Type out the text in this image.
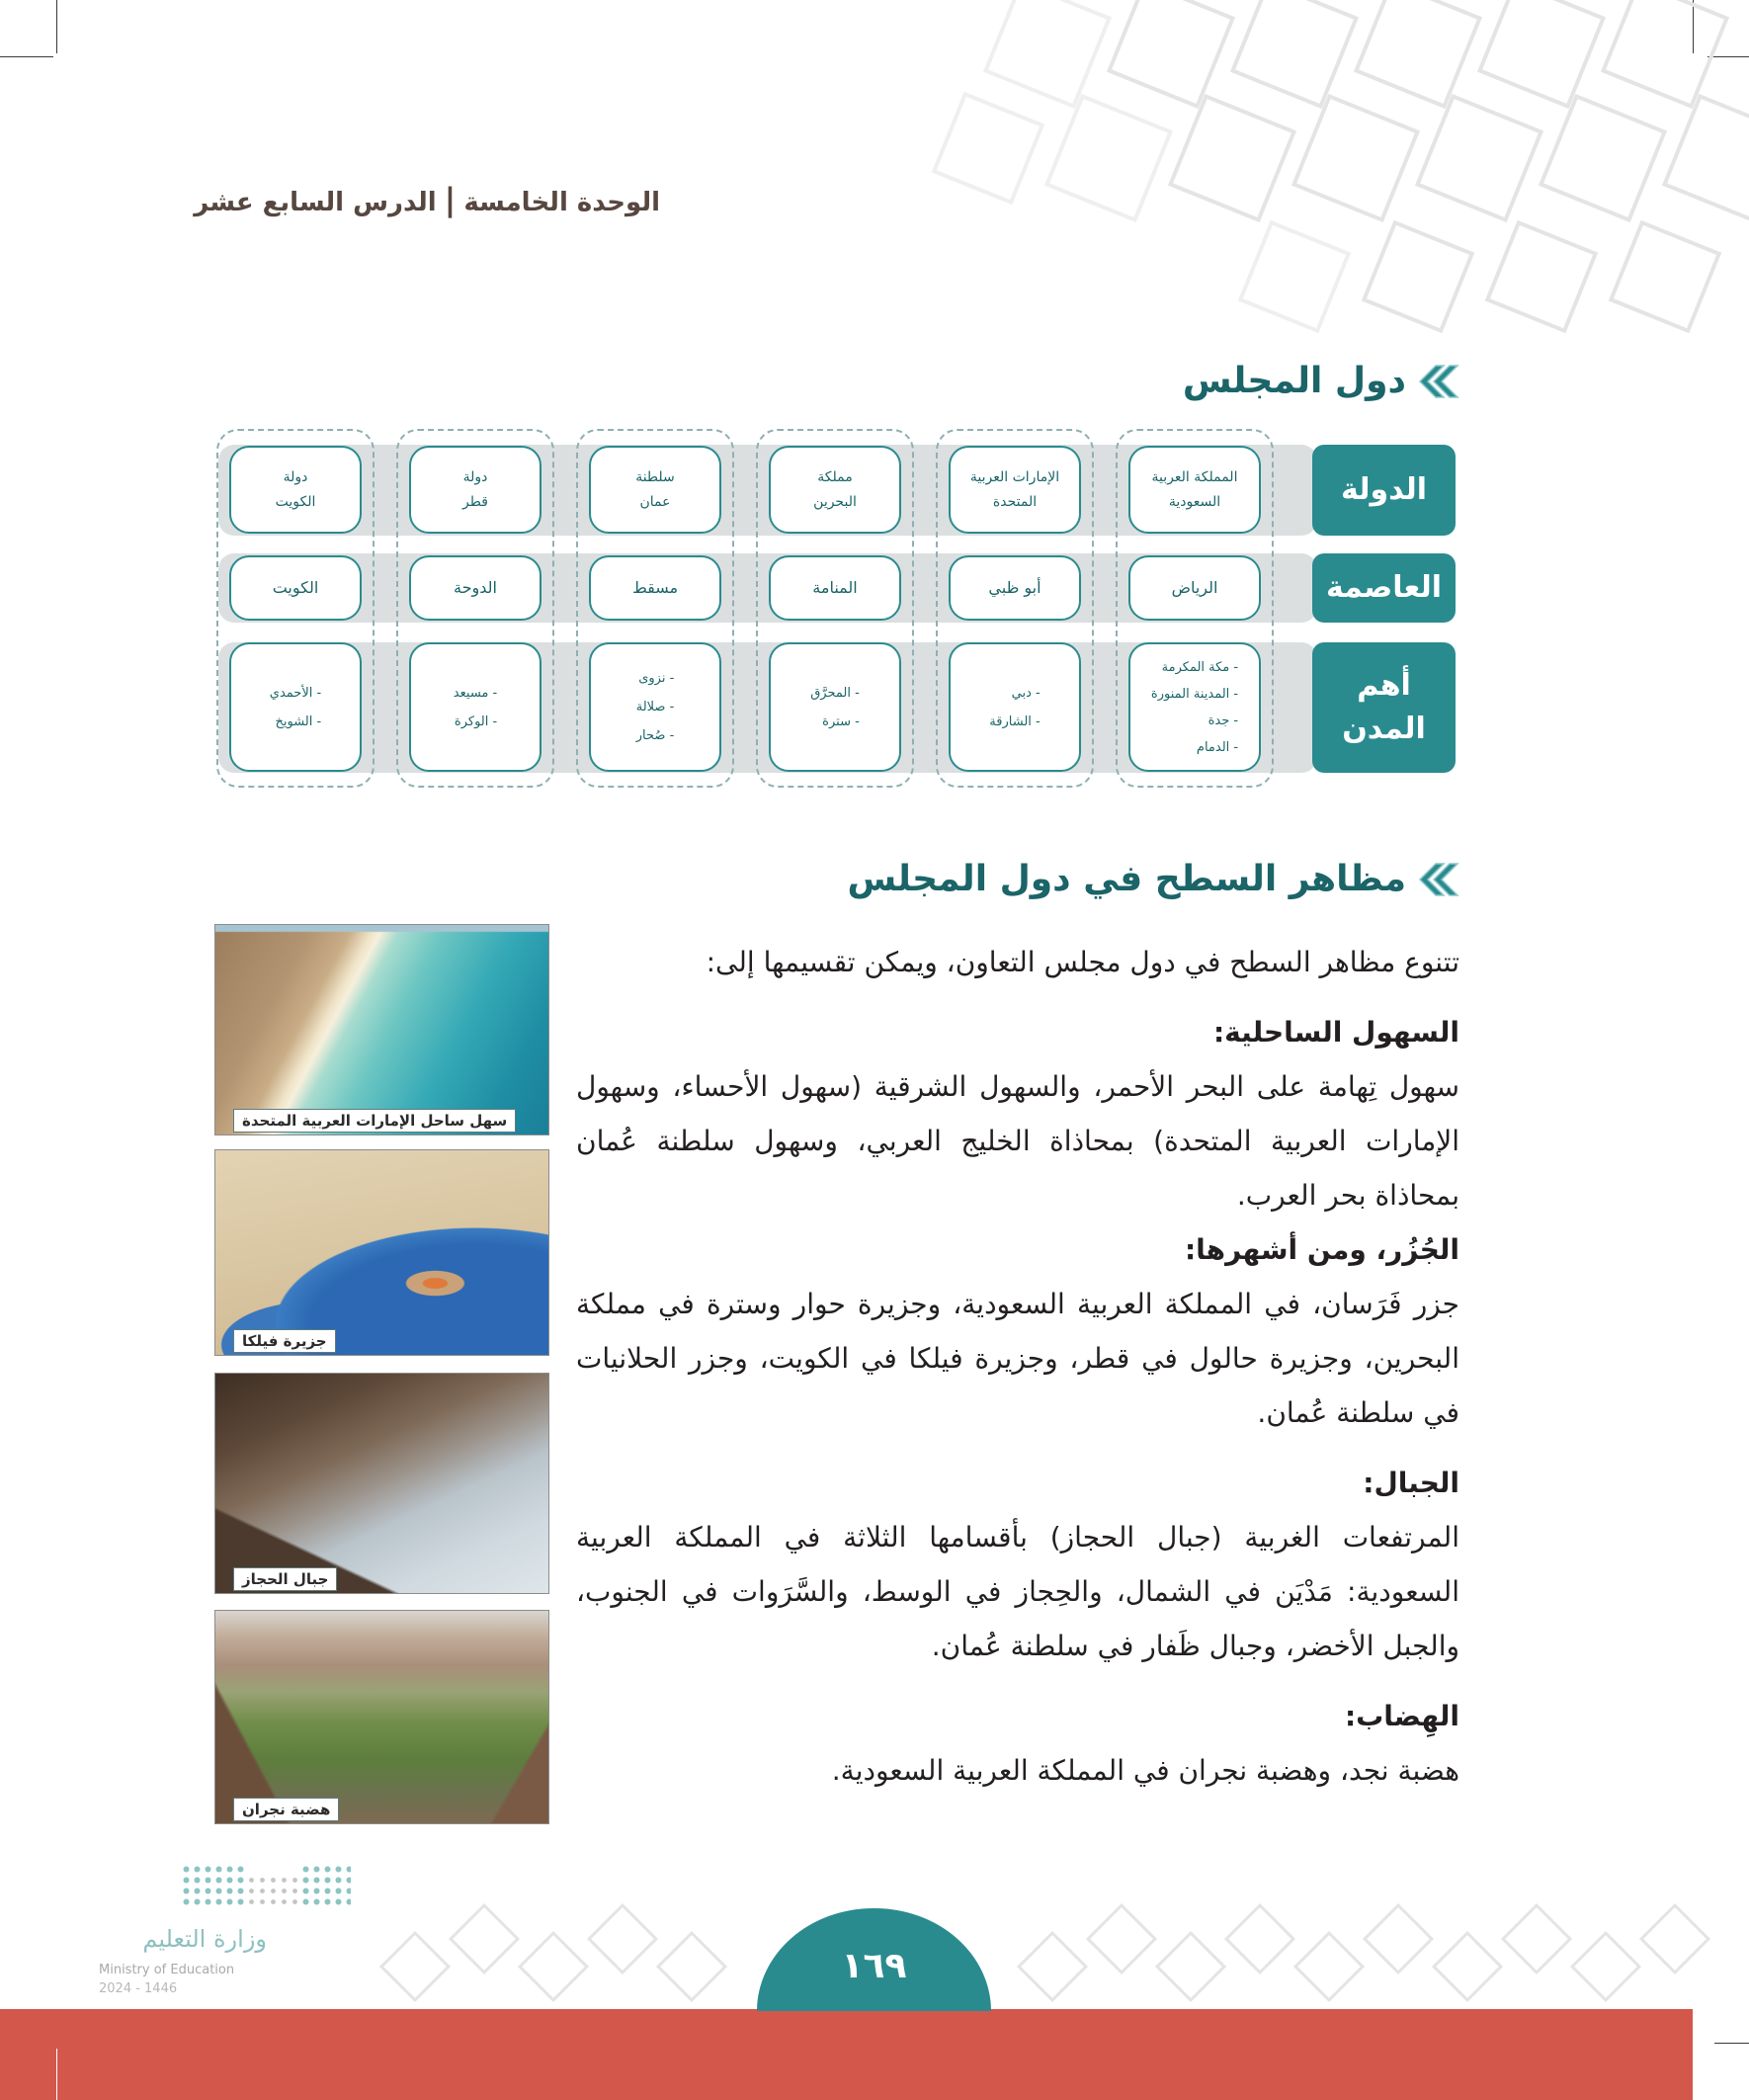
الوحدة الخامسة|الدرس السابع عشر
دول المجلس
الدولة
العاصمة
أهم
المدن
المملكة العربية
السعودية
الرياض
- مكة المكرمة
- المدينة المنورة
- جدة
- الدمام
الإمارات العربية
المتحدة
أبو ظبي
- دبي
- الشارقة
مملكة
البحرين
المنامة
- المحرَّق
- سترة
سلطنة
عمان
مسقط
- نزوى
- صلالة
- صُحار
دولة
قطر
الدوحة
- مسيعد
- الوكرة
دولة
الكويت
الكويت
- الأحمدي
- الشويخ
مظاهر السطح في دول المجلس

تتنوع مظاهر السطح في دول مجلس التعاون، ويمكن تقسيمها إلى:

السهول الساحلية:

سهول تِهامة على البحر الأحمر، والسهول الشرقية (سهول الأحساء، وسهول الإمارات العربية المتحدة) بمحاذاة الخليج العربي، وسهول سلطنة عُمان بمحاذاة بحر العرب.

الجُزُر، ومن أشهرها:

جزر فَرَسان، في المملكة العربية السعودية، وجزيرة حوار وسترة في مملكة البحرين، وجزيرة حالول في قطر، وجزيرة فيلكا في الكويت، وجزر الحلانيات في سلطنة عُمان.

الجبال:

المرتفعات الغربية (جبال الحجاز) بأقسامها الثلاثة في المملكة العربية السعودية: مَدْيَن في الشمال، والحِجاز في الوسط، والسَّرَوات في الجنوب، والجبل الأخضر، وجبال ظَفار في سلطنة عُمان.

الهِضاب:

هضبة نجد، وهضبة نجران في المملكة العربية السعودية.

سهل ساحل الإمارات العربية المتحدة
جزيرة فيلكا
جبال الحجاز
هضبة نجران
وزارة التعليم
Ministry of Education
2024 - 1446
١٦٩
